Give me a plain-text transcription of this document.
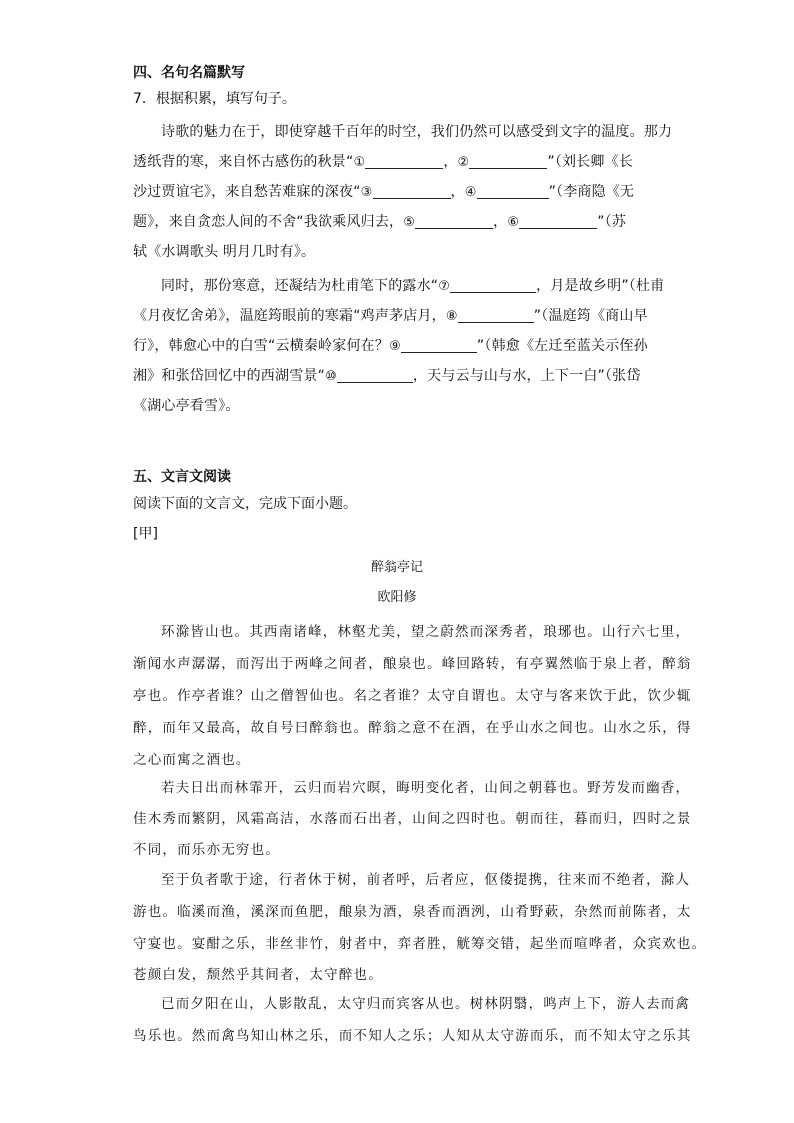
四、名句名篇默写
7．根据积累，填写句子。
诗歌的魅力在于，即使穿越千百年的时空，我们仍然可以感受到文字的温度。那力
透纸背的寒，来自怀古感伤的秋景“①	，②	”（刘长卿《长
沙过贾谊宅》，来自愁苦难寐的深夜“③	，④	”（李商隐《无
题》，来自贪恋人间的不舍“我欲乘风归去，⑤	，⑥	”（苏
轼《水调歌头 明月几时有》。
同时，那份寒意，还凝结为杜甫笔下的露水“⑦	，月是故乡明”（杜甫
《月夜忆舍弟》，温庭筠眼前的寒霜“鸡声茅店月，⑧	”（温庭筠《商山早
行》，韩愈心中的白雪“云横秦岭家何在？⑨	”（韩愈《左迁至蓝关示侄孙
湘》和张岱回忆中的西湖雪景“⑩	，天与云与山与水，上下一白”（张岱
《湖心亭看雪》。
五、文言文阅读
阅读下面的文言文，完成下面小题。
[甲]
醉翁亭记
欧阳修
环滁皆山也。其西南诸峰，林壑尤美，望之蔚然而深秀者，琅琊也。山行六七里，
渐闻水声潺潺，而泻出于两峰之间者，酿泉也。峰回路转，有亭翼然临于泉上者，醉翁
亭也。作亭者谁？山之僧智仙也。名之者谁？太守自谓也。太守与客来饮于此，饮少辄
醉，而年又最高，故自号曰醉翁也。醉翁之意不在酒，在乎山水之间也。山水之乐，得
之心而寓之酒也。
若夫日出而林霏开，云归而岩穴暝，晦明变化者，山间之朝暮也。野芳发而幽香，
佳木秀而繁阴，风霜高洁，水落而石出者，山间之四时也。朝而往，暮而归，四时之景
不同，而乐亦无穷也。
至于负者歌于途，行者休于树，前者呼，后者应，伛偻提携，往来而不绝者，滁人
游也。临溪而渔，溪深而鱼肥，酿泉为酒，泉香而酒洌，山肴野蔌，杂然而前陈者，太
守宴也。宴酣之乐，非丝非竹，射者中，弈者胜，觥筹交错，起坐而喧哗者，众宾欢也。
苍颜白发，颓然乎其间者，太守醉也。
已而夕阳在山，人影散乱，太守归而宾客从也。树林阴翳，鸣声上下，游人去而禽
鸟乐也。然而禽鸟知山林之乐，而不知人之乐；人知从太守游而乐，而不知太守之乐其
